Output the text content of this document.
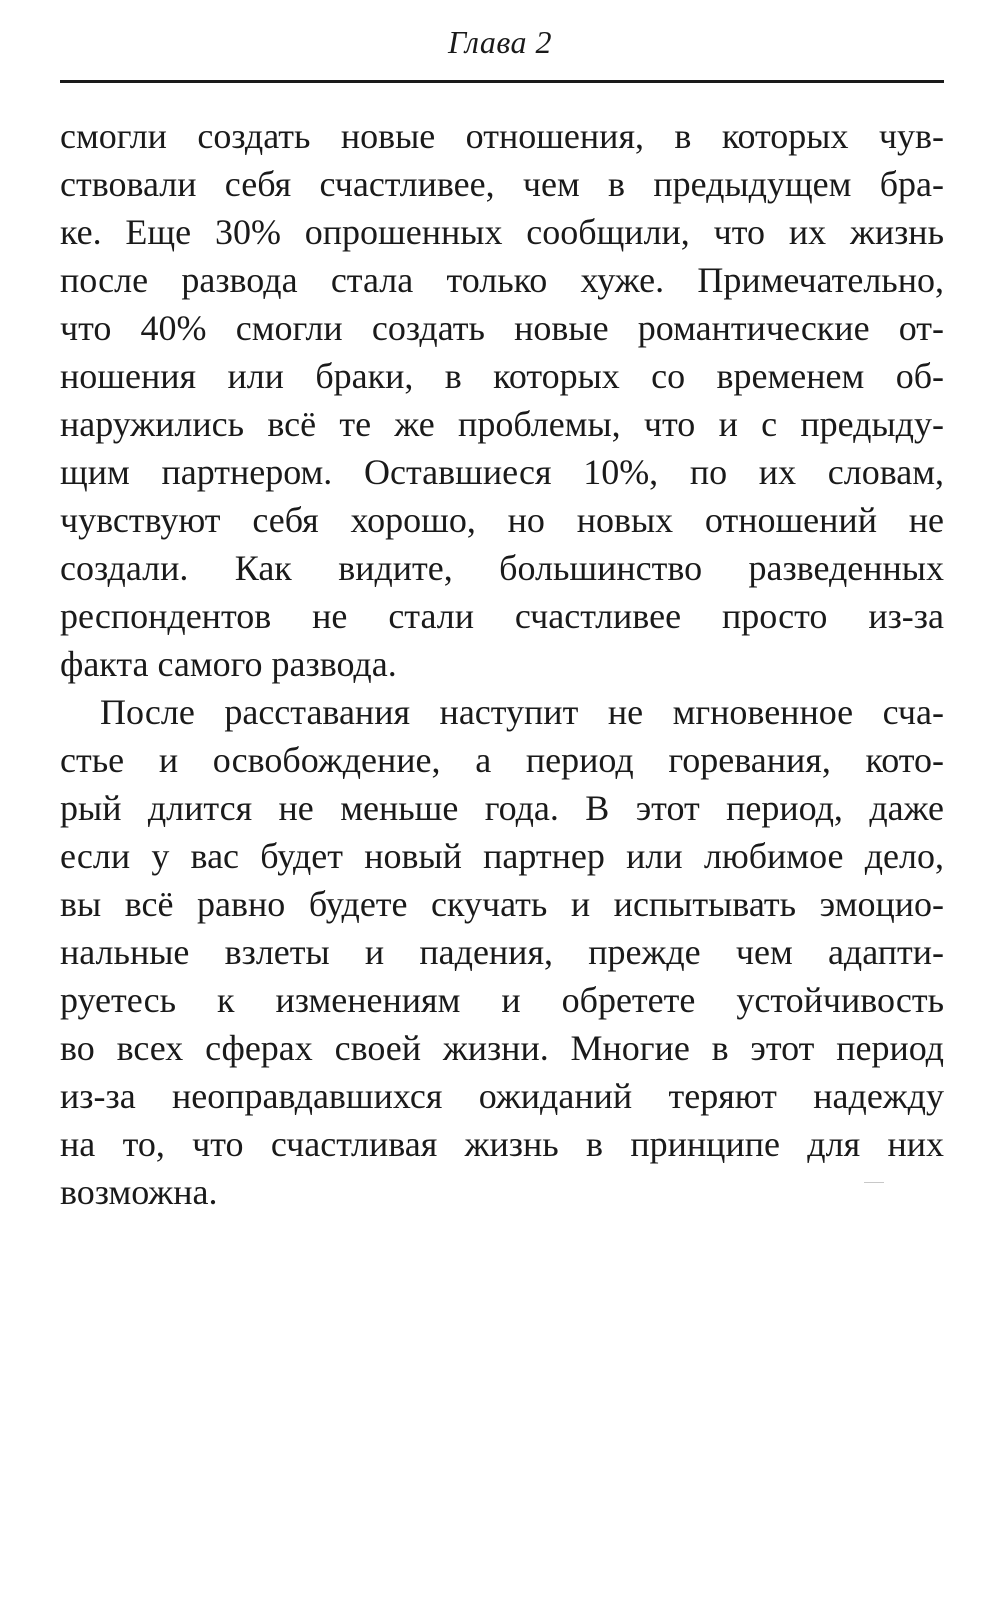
Глава 2
смогли создать новые отношения, в которых чув-
ствовали себя счастливее, чем в предыдущем бра-
ке. Еще 30% опрошенных сообщили, что их жизнь
после развода стала только хуже. Примечательно,
что 40% смогли создать новые романтические от-
ношения или браки, в которых со временем об-
наружились всё те же проблемы, что и с предыду-
щим партнером. Оставшиеся 10%, по их словам,
чувствуют себя хорошо, но новых отношений не
создали. Как видите, большинство разведенных
респондентов не стали счастливее просто из-за
факта самого развода.
После расставания наступит не мгновенное сча-
стье и освобождение, а период горевания, кото-
рый длится не меньше года. В этот период, даже
если у вас будет новый партнер или любимое дело,
вы всё равно будете скучать и испытывать эмоцио-
нальные взлеты и падения, прежде чем адапти-
руетесь к изменениям и обретете устойчивость
во всех сферах своей жизни. Многие в этот период
из-за неоправдавшихся ожиданий теряют надежду
на то, что счастливая жизнь в принципе для них
возможна.
